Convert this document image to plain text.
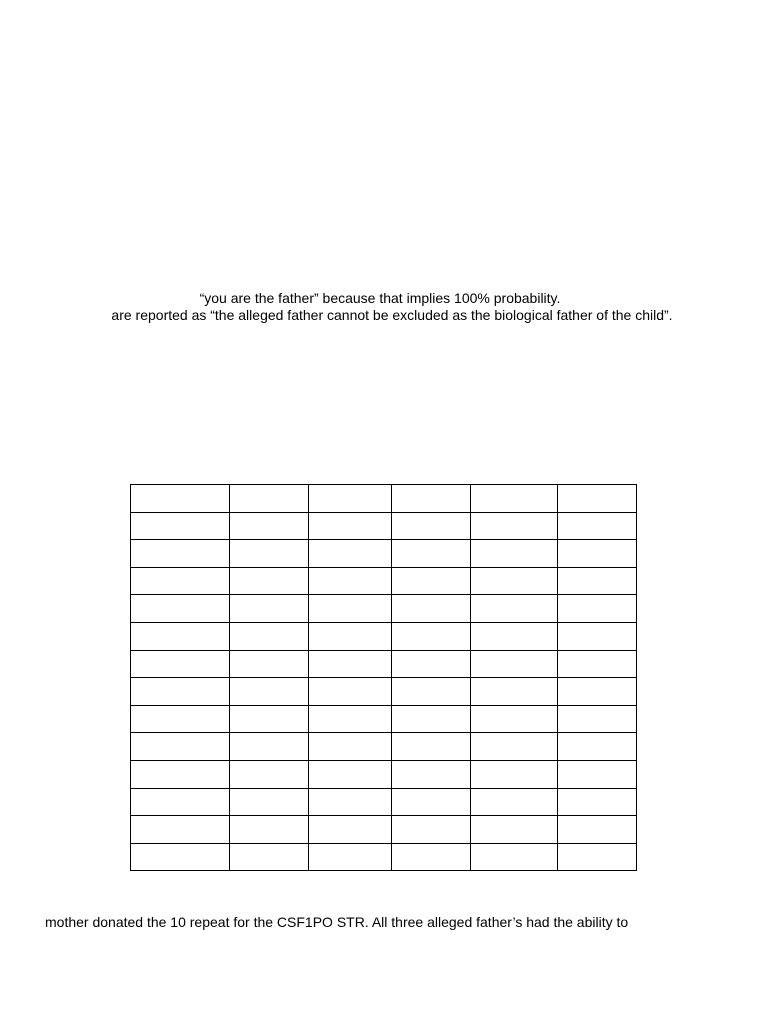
“you are the father” because that implies 100% probability.
are reported as “the alleged father cannot be excluded as the biological father of the child”.

mother donated the 10 repeat for the CSF1PO STR. All three alleged father’s had the ability to
